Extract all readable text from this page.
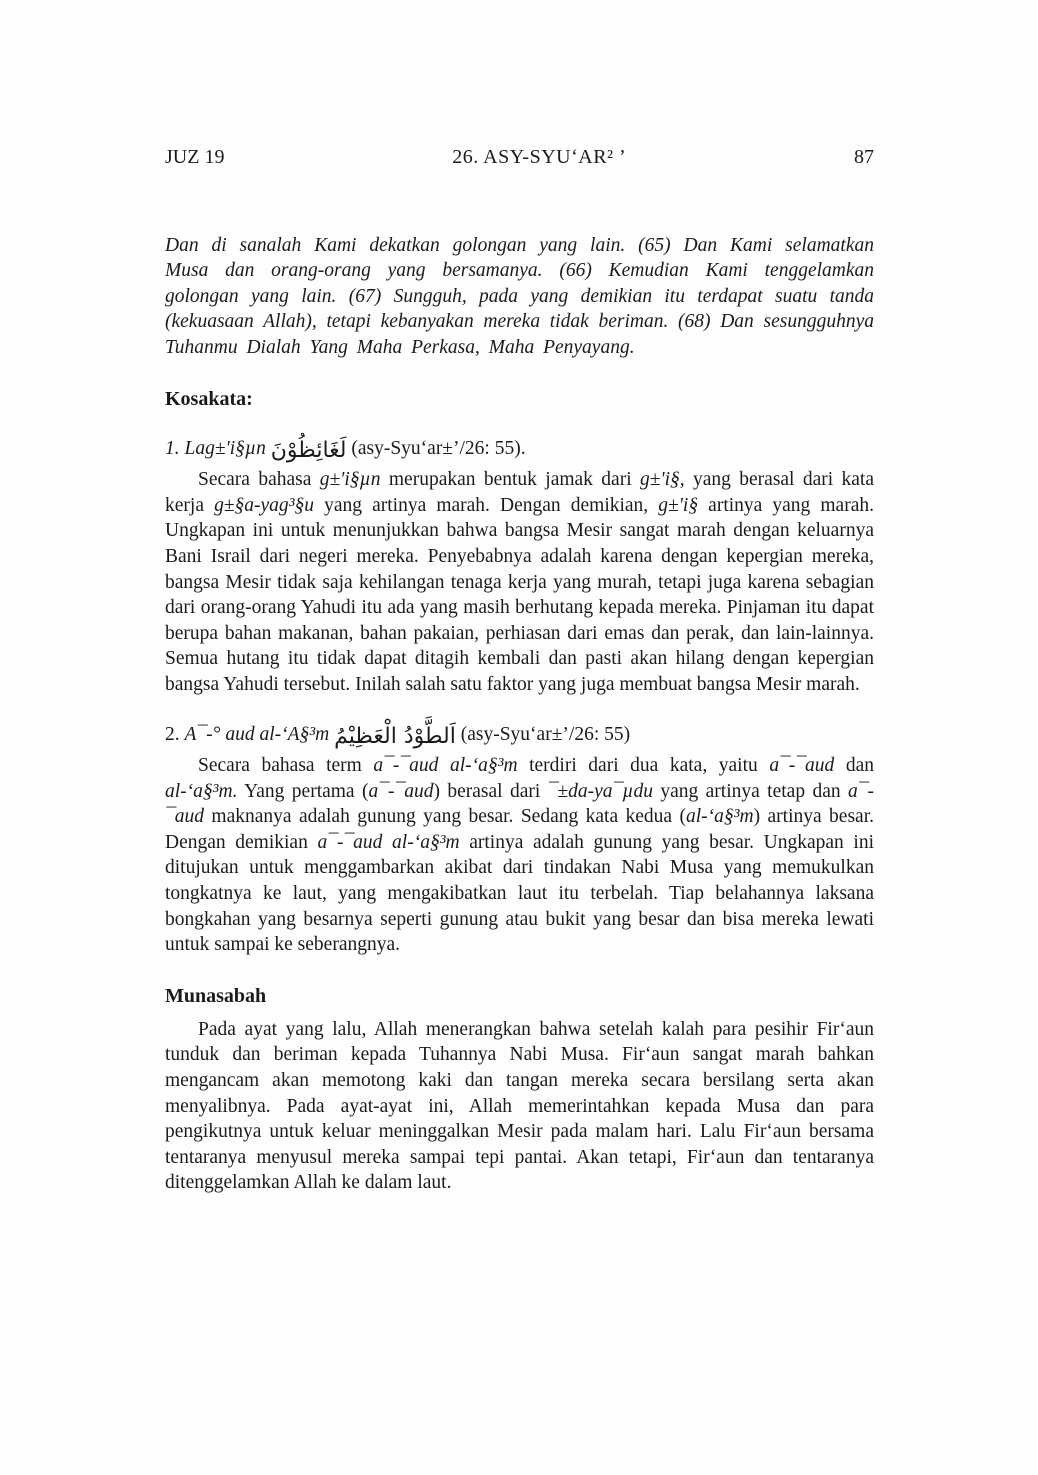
JUZ 19	26. ASY-SYU‘AR² ’	87

Dan di sanalah Kami dekatkan golongan yang lain. (65) Dan Kami selamatkan Musa dan orang-orang yang bersamanya. (66) Kemudian Kami tenggelamkan golongan yang lain. (67) Sungguh, pada yang demikian itu terdapat suatu tanda (kekuasaan Allah), tetapi kebanyakan mereka tidak beriman. (68) Dan sesungguhnya Tuhanmu Dialah Yang Maha Perkasa, Maha Penyayang.

Kosakata:

1. Lag±'i§µn لَغَائِظُوْنَ (asy-Syu‘ar±’/26: 55).

Secara bahasa g±'i§µn merupakan bentuk jamak dari g±'i§, yang berasal dari kata kerja g±§a-yag³§u yang artinya marah. Dengan demikian, g±'i§ artinya yang marah. Ungkapan ini untuk menunjukkan bahwa bangsa Mesir sangat marah dengan keluarnya Bani Israil dari negeri mereka. Penyebabnya adalah karena dengan kepergian mereka, bangsa Mesir tidak saja kehilangan tenaga kerja yang murah, tetapi juga karena sebagian dari orang-orang Yahudi itu ada yang masih berhutang kepada mereka. Pinjaman itu dapat berupa bahan makanan, bahan pakaian, perhiasan dari emas dan perak, dan lain-lainnya. Semua hutang itu tidak dapat ditagih kembali dan pasti akan hilang dengan kepergian bangsa Yahudi tersebut. Inilah salah satu faktor yang juga membuat bangsa Mesir marah.

2. A¯-° aud al-‘A§³m اَلطَّوْدُ الْعَظِيْمُ (asy-Syu‘ar±’/26: 55)

Secara bahasa term a¯-¯aud al-‘a§³m terdiri dari dua kata, yaitu a¯-¯aud dan al-‘a§³m. Yang pertama (a¯-¯aud) berasal dari ¯±da-ya¯µdu yang artinya tetap dan a¯-¯aud maknanya adalah gunung yang besar. Sedang kata kedua (al-‘a§³m) artinya besar. Dengan demikian a¯-¯aud al-‘a§³m artinya adalah gunung yang besar. Ungkapan ini ditujukan untuk menggambarkan akibat dari tindakan Nabi Musa yang memukulkan tongkatnya ke laut, yang mengakibatkan laut itu terbelah. Tiap belahannya laksana bongkahan yang besarnya seperti gunung atau bukit yang besar dan bisa mereka lewati untuk sampai ke seberangnya.

Munasabah

Pada ayat yang lalu, Allah menerangkan bahwa setelah kalah para pesihir Fir‘aun tunduk dan beriman kepada Tuhannya Nabi Musa. Fir‘aun sangat marah bahkan mengancam akan memotong kaki dan tangan mereka secara bersilang serta akan menyalibnya. Pada ayat-ayat ini, Allah memerintahkan kepada Musa dan para pengikutnya untuk keluar meninggalkan Mesir pada malam hari. Lalu Fir‘aun bersama tentaranya menyusul mereka sampai tepi pantai. Akan tetapi, Fir‘aun dan tentaranya ditenggelamkan Allah ke dalam laut.
